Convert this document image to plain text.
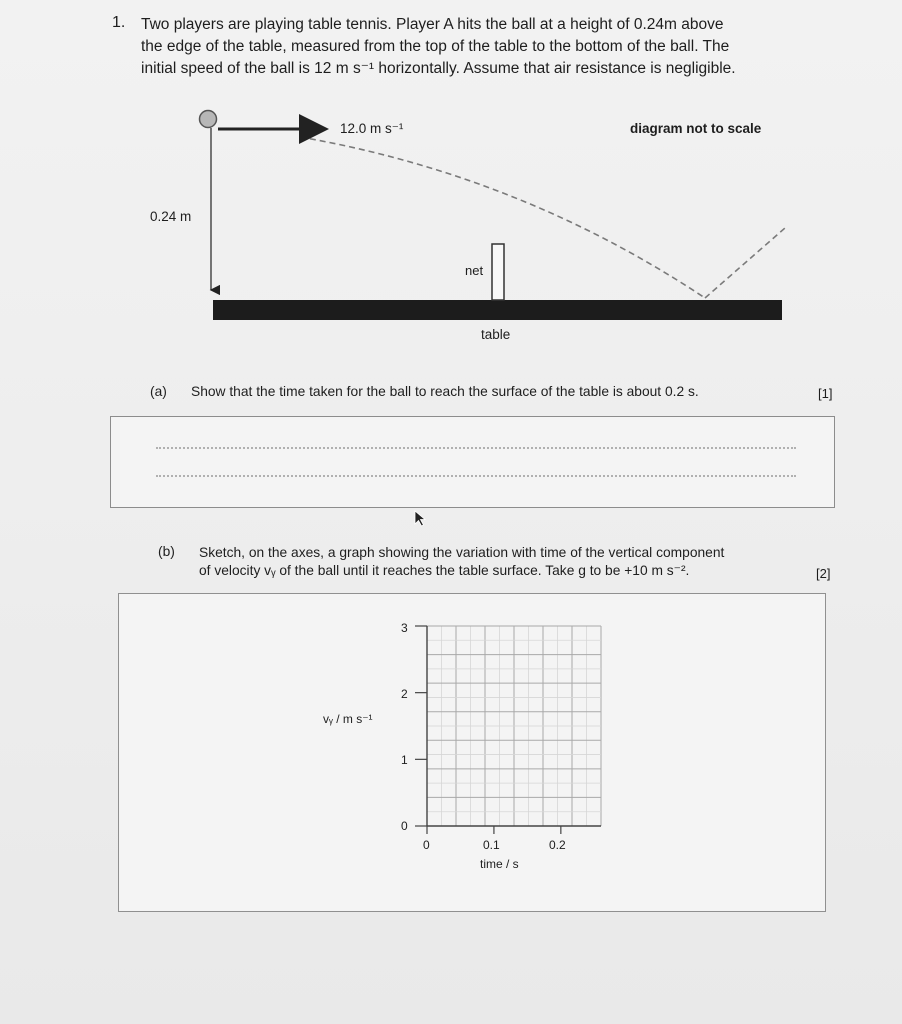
1. Two players are playing table tennis. Player A hits the ball at a height of 0.24m above
the edge of the table, measured from the top of the table to the bottom of the ball. The
initial speed of the ball is 12 m s⁻¹ horizontally. Assume that air resistance is negligible.
12.0 m s⁻¹	diagram not to scale
0.24 m
net
table
(a) Show that the time taken for the ball to reach the surface of the table is about 0.2 s.	[1]
(b) Sketch, on the axes, a graph showing the variation with time of the vertical component
of velocity vᵧ of the ball until it reaches the table surface. Take g to be +10 m s⁻².	[2]
vᵧ / m s⁻¹
time / s
3
2
1
0
0	0.1	0.2
